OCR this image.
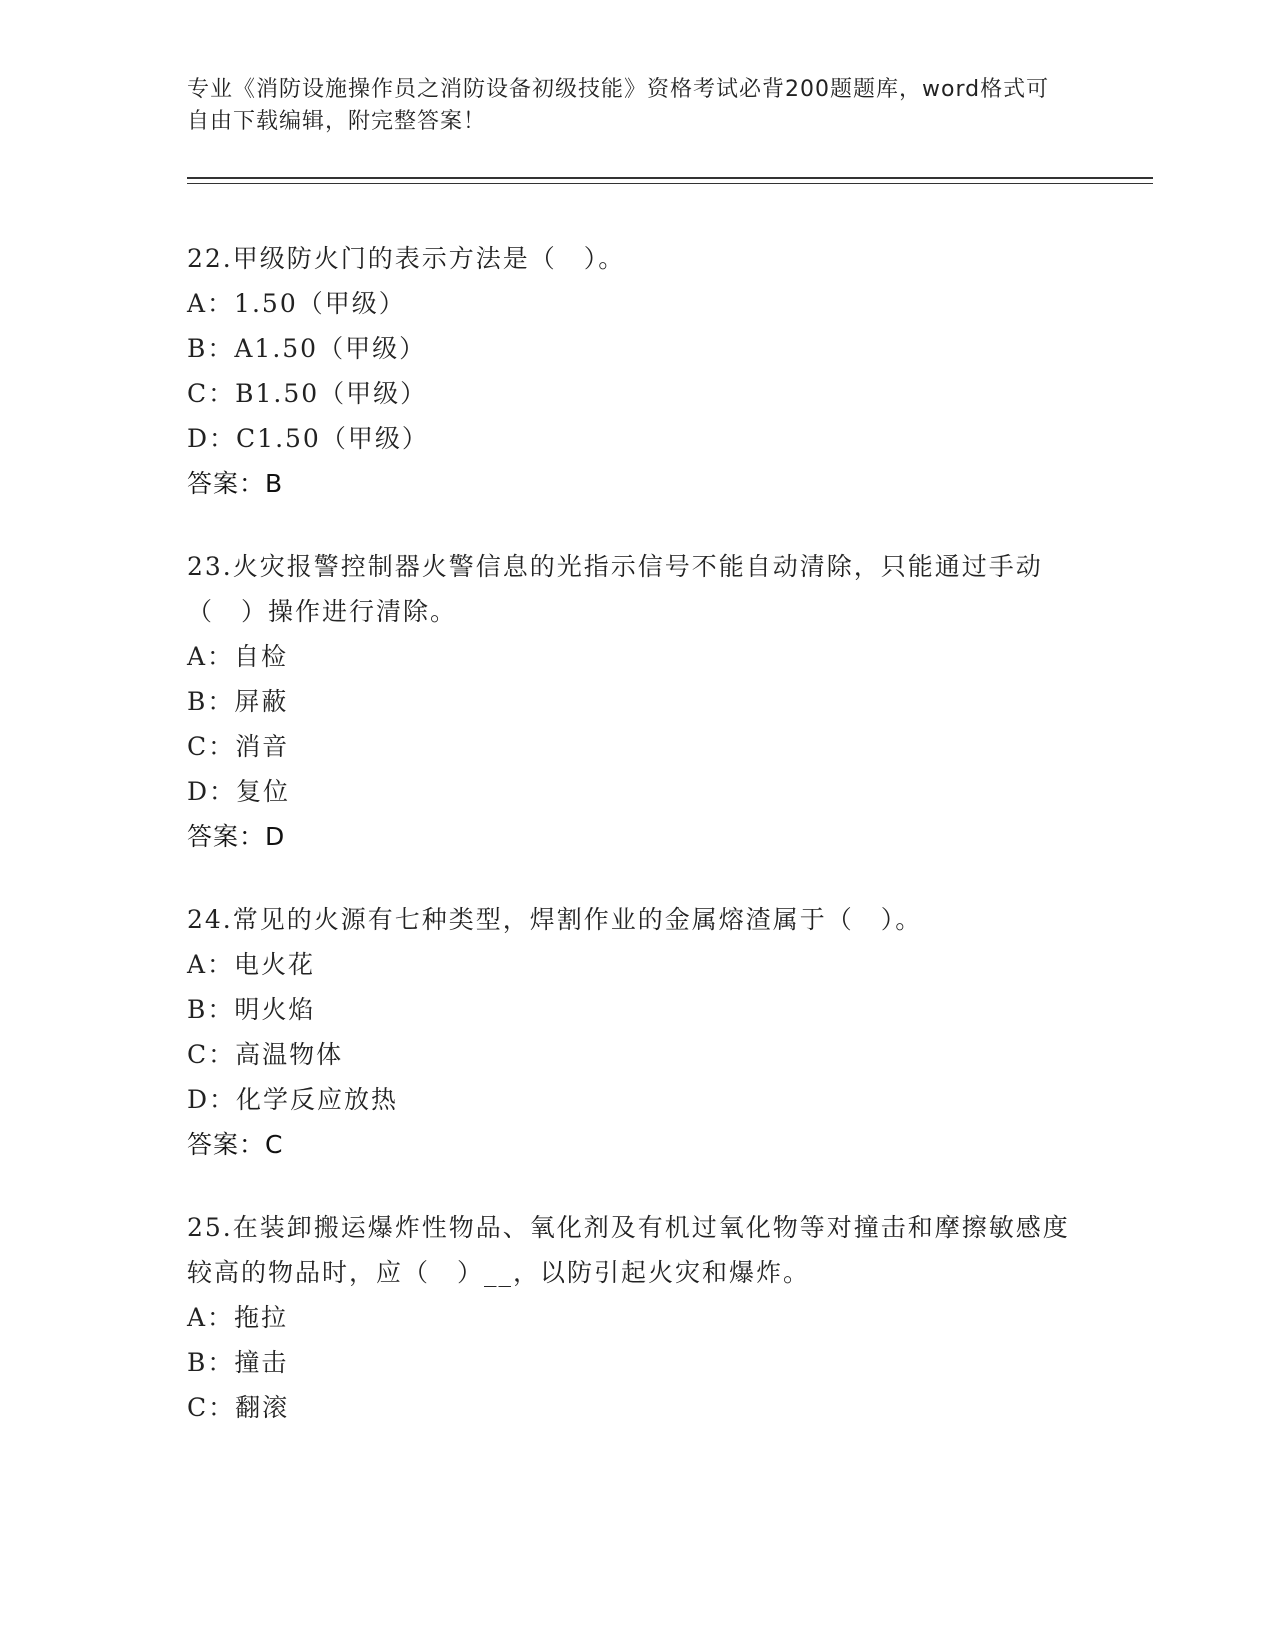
专业《消防设施操作员之消防设备初级技能》资格考试必背200题题库，word格式可自由下载编辑，附完整答案！

22.甲级防火门的表示方法是（　）。

A：1.50（甲级）

B：A1.50（甲级）

C：B1.50（甲级）

D：C1.50（甲级）

答案：B

23.火灾报警控制器火警信息的光指示信号不能自动清除，只能通过手动（　）操作进行清除。

A：自检

B：屏蔽

C：消音

D：复位

答案：D

24.常见的火源有七种类型，焊割作业的金属熔渣属于（　）。

A：电火花

B：明火焰

C：高温物体

D：化学反应放热

答案：C

25.在装卸搬运爆炸性物品、氧化剂及有机过氧化物等对撞击和摩擦敏感度较高的物品时，应（　）__，以防引起火灾和爆炸。

A：拖拉

B：撞击

C：翻滚
